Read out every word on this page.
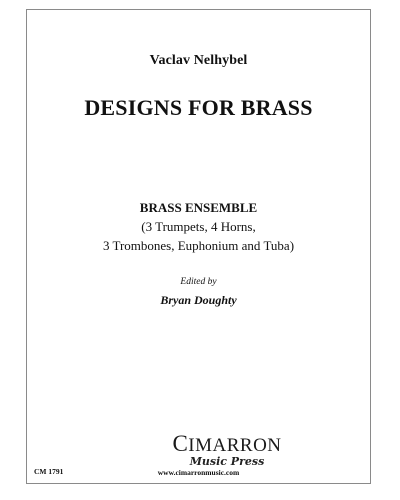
Vaclav Nelhybel
DESIGNS FOR BRASS
BRASS ENSEMBLE
(3 Trumpets, 4 Horns,
3 Trombones, Euphonium and Tuba)
Edited by
Bryan Doughty
CIMARRON
Music Press
CM 1791	www.cimarronmusic.com
